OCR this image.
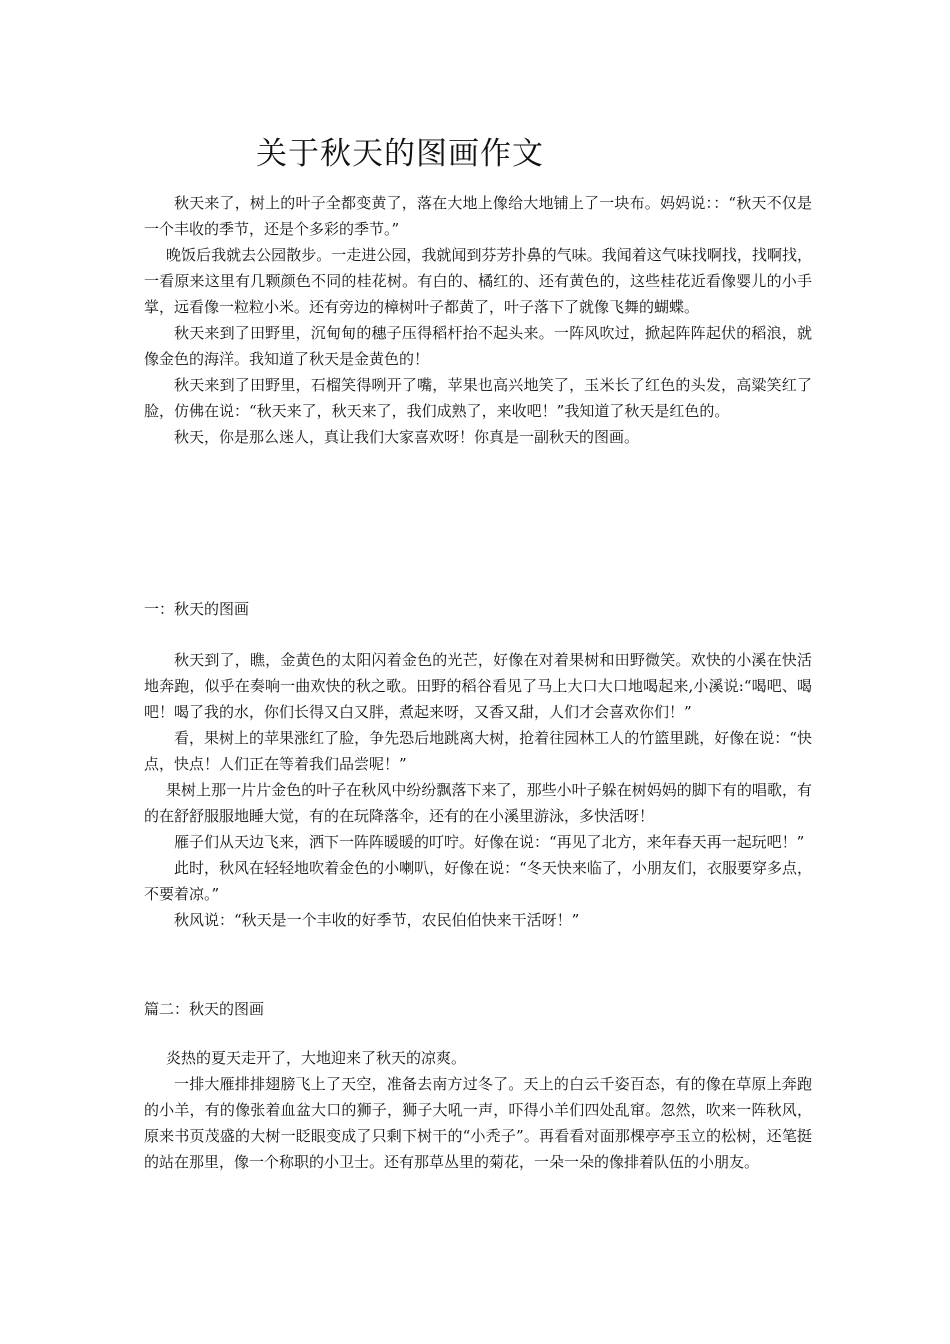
关于秋天的图画作文

秋天来了，树上的叶子全都变黄了，落在大地上像给大地铺上了一块布。妈妈说：：“秋天不仅是一个丰收的季节，还是个多彩的季节。”

晚饭后我就去公园散步。一走进公园，我就闻到芬芳扑鼻的气味。我闻着这气味找啊找，找啊找，一看原来这里有几颗颜色不同的桂花树。有白的、橘红的、还有黄色的，这些桂花近看像婴儿的小手掌，远看像一粒粒小米。还有旁边的樟树叶子都黄了，叶子落下了就像飞舞的蝴蝶。

秋天来到了田野里，沉甸甸的穗子压得稻杆抬不起头来。一阵风吹过，掀起阵阵起伏的稻浪，就像金色的海洋。我知道了秋天是金黄色的！

秋天来到了田野里，石榴笑得咧开了嘴，苹果也高兴地笑了，玉米长了红色的头发，高粱笑红了脸，仿佛在说：“秋天来了，秋天来了，我们成熟了，来收吧！”我知道了秋天是红色的。

秋天，你是那么迷人，真让我们大家喜欢呀！你真是一副秋天的图画。

一：秋天的图画

秋天到了，瞧，金黄色的太阳闪着金色的光芒，好像在对着果树和田野微笑。欢快的小溪在快活地奔跑，似乎在奏响一曲欢快的秋之歌。田野的稻谷看见了马上大口大口地喝起来,小溪说:“喝吧、喝吧！喝了我的水，你们长得又白又胖，煮起来呀，又香又甜，人们才会喜欢你们！”

看，果树上的苹果涨红了脸，争先恐后地跳离大树，抢着往园林工人的竹篮里跳，好像在说：“快点，快点！人们正在等着我们品尝呢！”

果树上那一片片金色的叶子在秋风中纷纷飘落下来了，那些小叶子躲在树妈妈的脚下有的唱歌，有的在舒舒服服地睡大觉，有的在玩降落伞，还有的在小溪里游泳，多快活呀！

雁子们从天边飞来，洒下一阵阵暖暖的叮咛。好像在说：“再见了北方，来年春天再一起玩吧！”

此时，秋风在轻轻地吹着金色的小喇叭，好像在说：“冬天快来临了，小朋友们，衣服要穿多点，不要着凉。”

秋风说：“秋天是一个丰收的好季节，农民伯伯快来干活呀！”

篇二：秋天的图画

炎热的夏天走开了，大地迎来了秋天的凉爽。

一排大雁排排翅膀飞上了天空，准备去南方过冬了。天上的白云千姿百态，有的像在草原上奔跑的小羊，有的像张着血盆大口的狮子，狮子大吼一声，吓得小羊们四处乱窜。忽然，吹来一阵秋风，原来书页茂盛的大树一眨眼变成了只剩下树干的“小秃子”。再看看对面那棵亭亭玉立的松树，还笔挺的站在那里，像一个称职的小卫士。还有那草丛里的菊花，一朵一朵的像排着队伍的小朋友。
